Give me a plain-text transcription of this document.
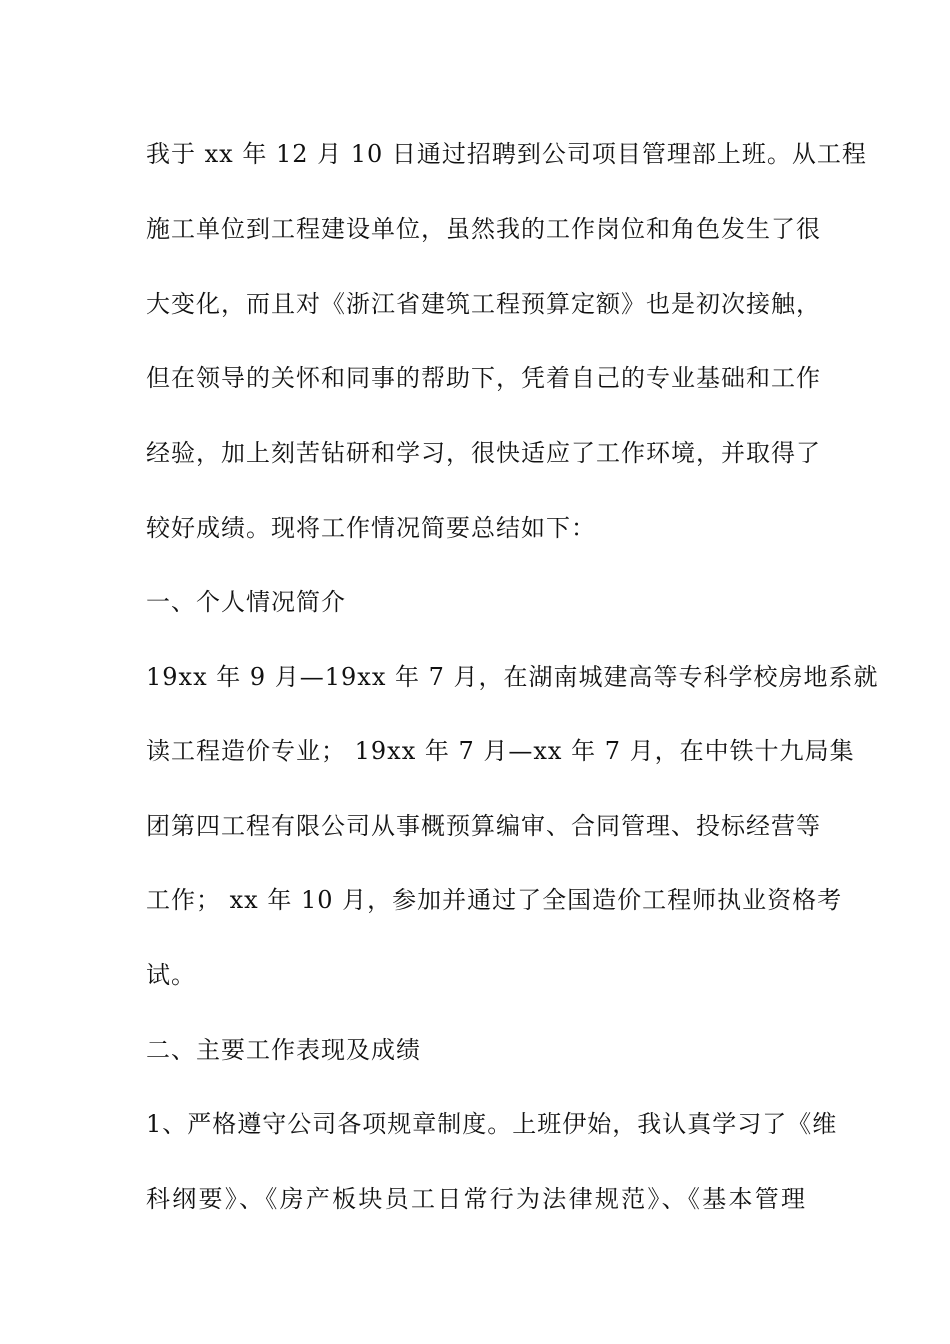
我于 xx 年 12 月 10 日通过招聘到公司项目管理部上班。从工程
施工单位到工程建设单位，虽然我的工作岗位和角色发生了很
大变化，而且对《浙江省建筑工程预算定额》也是初次接触，
但在领导的关怀和同事的帮助下，凭着自己的专业基础和工作
经验，加上刻苦钻研和学习，很快适应了工作环境，并取得了
较好成绩。现将工作情况简要总结如下：
一、个人情况简介
19xx 年 9 月—19xx 年 7 月，在湖南城建高等专科学校房地系就
读工程造价专业； 19xx 年 7 月—xx 年 7 月，在中铁十九局集
团第四工程有限公司从事概预算编审、合同管理、投标经营等
工作； xx 年 10 月，参加并通过了全国造价工程师执业资格考
试。
二、主要工作表现及成绩
1、严格遵守公司各项规章制度。上班伊始，我认真学习了《维
科纲要》、《房产板块员工日常行为法律规范》、《基本管理
